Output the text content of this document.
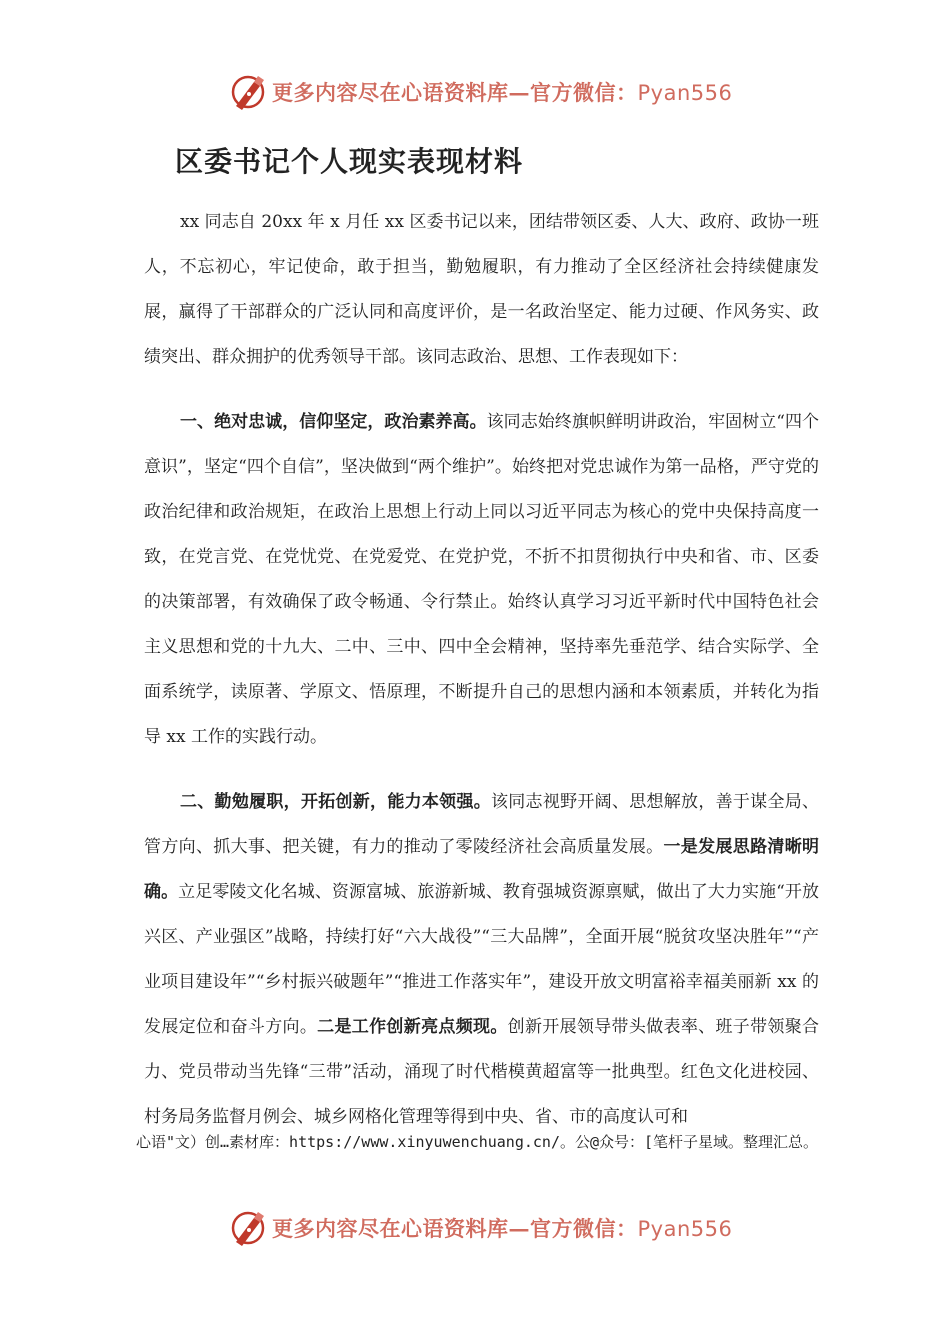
更多内容尽在心语资料库—官方微信：Pyan556
区委书记个人现实表现材料

xx 同志自 20xx 年 x 月任 xx 区委书记以来，团结带领区委、人大、政府、政协一班人，不忘初心，牢记使命，敢于担当，勤勉履职，有力推动了全区经济社会持续健康发展，赢得了干部群众的广泛认同和高度评价，是一名政治坚定、能力过硬、作风务实、政绩突出、群众拥护的优秀领导干部。该同志政治、思想、工作表现如下：

一、绝对忠诚，信仰坚定，政治素养高。该同志始终旗帜鲜明讲政治，牢固树立“四个意识”，坚定“四个自信”，坚决做到“两个维护”。始终把对党忠诚作为第一品格，严守党的政治纪律和政治规矩，在政治上思想上行动上同以习近平同志为核心的党中央保持高度一致，在党言党、在党忧党、在党爱党、在党护党，不折不扣贯彻执行中央和省、市、区委的决策部署，有效确保了政令畅通、令行禁止。始终认真学习习近平新时代中国特色社会主义思想和党的十九大、二中、三中、四中全会精神，坚持率先垂范学、结合实际学、全面系统学，读原著、学原文、悟原理，不断提升自己的思想内涵和本领素质，并转化为指导 xx 工作的实践行动。

二、勤勉履职，开拓创新，能力本领强。该同志视野开阔、思想解放，善于谋全局、管方向、抓大事、把关键，有力的推动了零陵经济社会高质量发展。一是发展思路清晰明确。立足零陵文化名城、资源富城、旅游新城、教育强城资源禀赋，做出了大力实施“开放兴区、产业强区”战略，持续打好“六大战役”“三大品牌”，全面开展“脱贫攻坚决胜年”“产业项目建设年”“乡村振兴破题年”“推进工作落实年”，建设开放文明富裕幸福美丽新 xx 的发展定位和奋斗方向。二是工作创新亮点频现。创新开展领导带头做表率、班子带领聚合力、党员带动当先锋“三带”活动，涌现了时代楷模黄超富等一批典型。红色文化进校园、村务局务监督月例会、城乡网格化管理等得到中央、省、市的高度认可和

心语"文）创…素材库：https://www.xinyuwenchuang.cn/。公@众号：[笔杆子星域。整理汇总。
更多内容尽在心语资料库—官方微信：Pyan556
